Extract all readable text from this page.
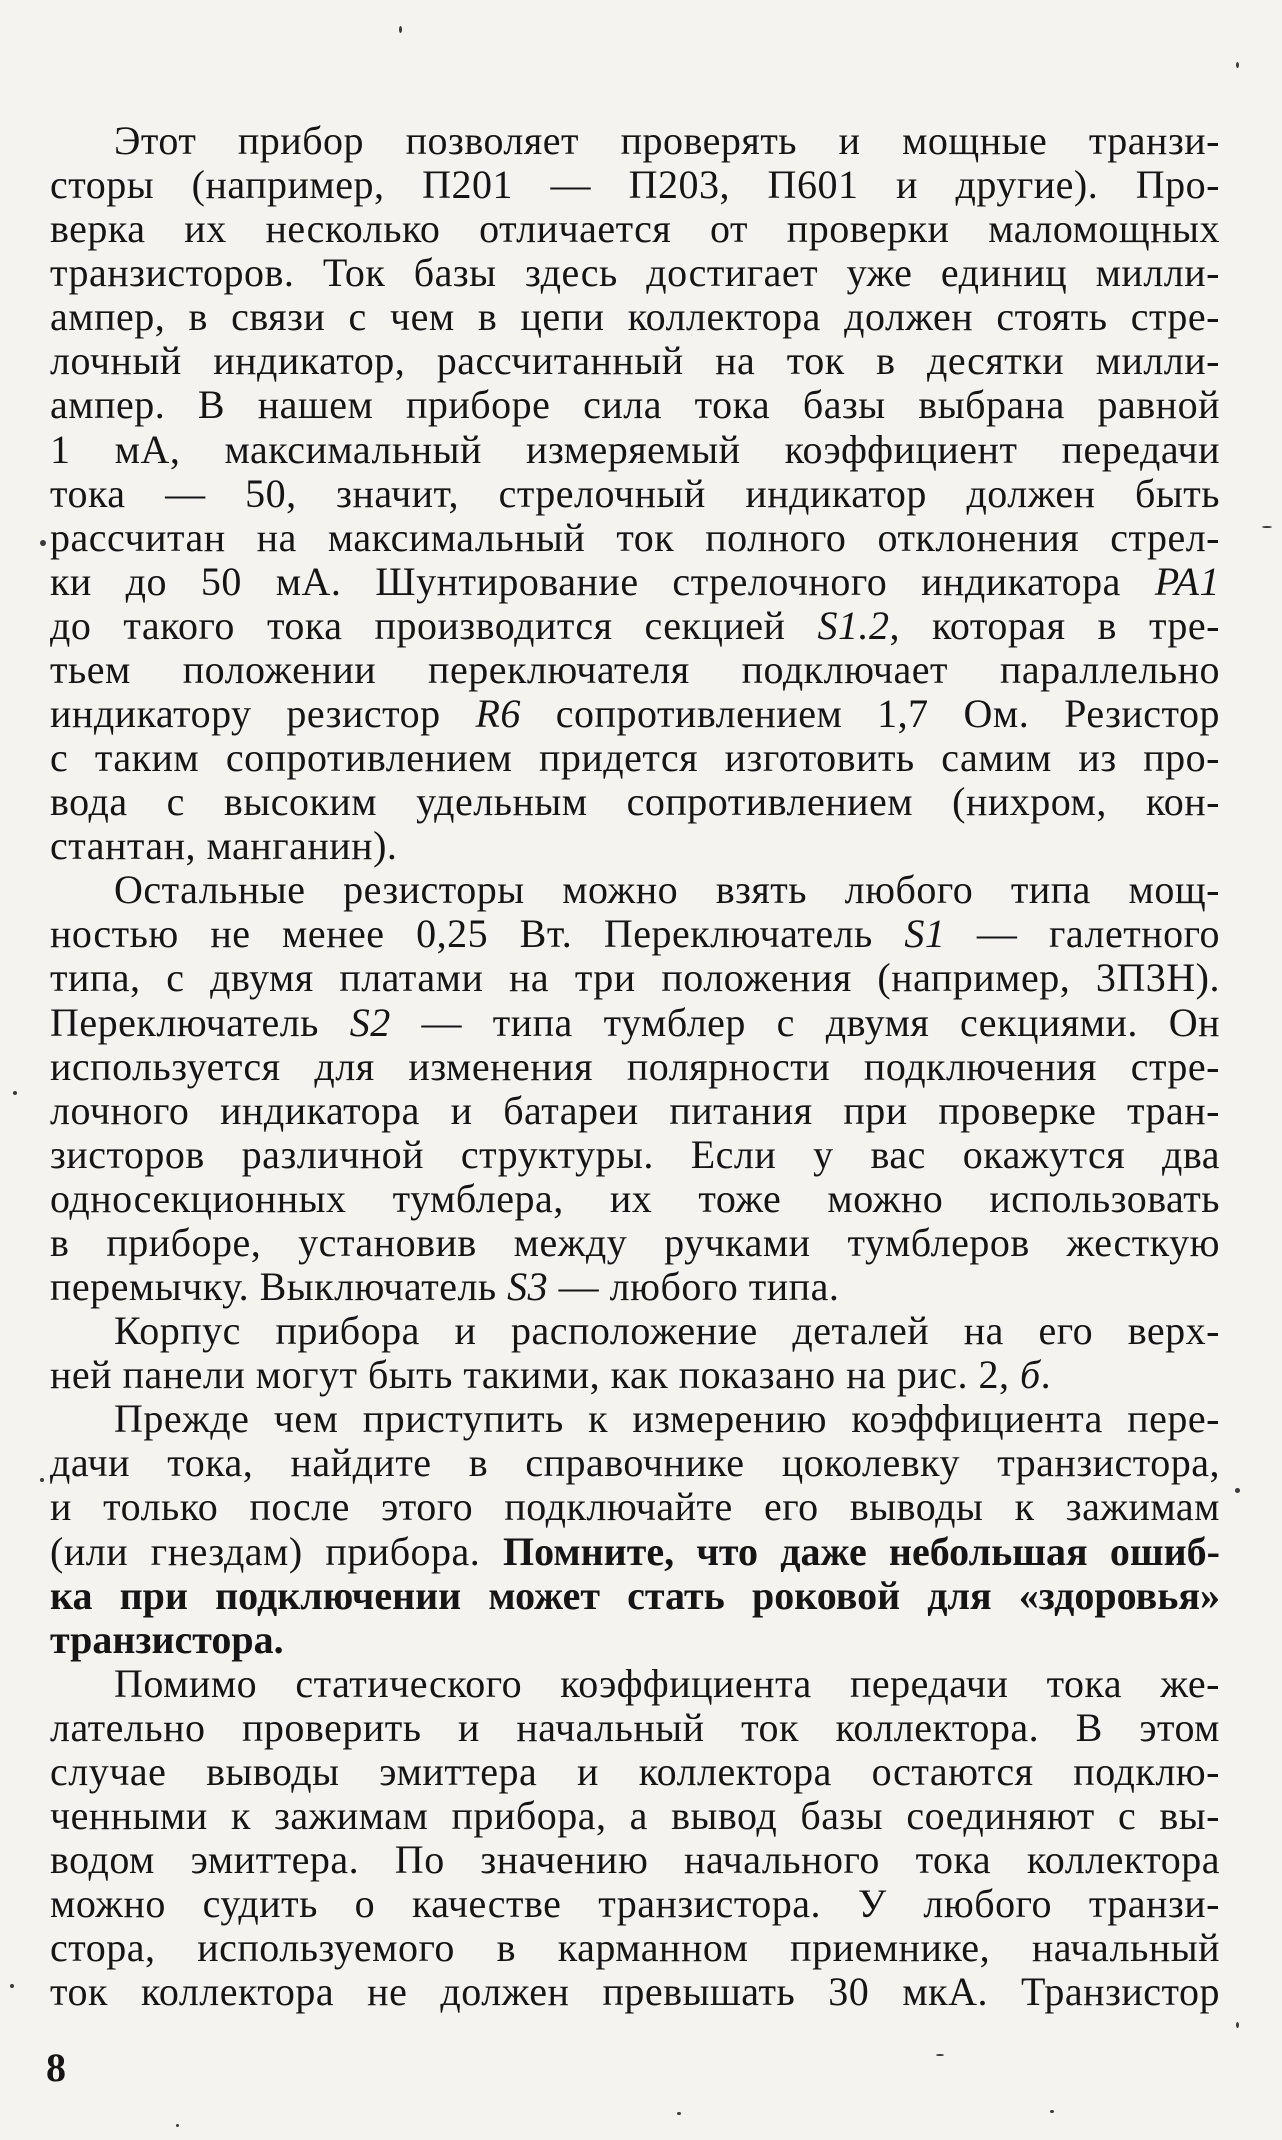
Этот прибор позволяет проверять и мощные транзи-
сторы (например, П201 — П203, П601 и другие). Про-
верка их несколько отличается от проверки маломощных
транзисторов. Ток базы здесь достигает уже единиц милли-
ампер, в связи с чем в цепи коллектора должен стоять стре-
лочный индикатор, рассчитанный на ток в десятки милли-
ампер. В нашем приборе сила тока базы выбрана равной
1 мА, максимальный измеряемый коэффициент передачи
тока — 50, значит, стрелочный индикатор должен быть
рассчитан на максимальный ток полного отклонения стрел-
ки до 50 мА. Шунтирование стрелочного индикатора PA1
до такого тока производится секцией S1.2, которая в тре-
тьем положении переключателя подключает параллельно
индикатору резистор R6 сопротивлением 1,7 Ом. Резистор
с таким сопротивлением придется изготовить самим из про-
вода с высоким удельным сопротивлением (нихром, кон-
стантан, манганин).
Остальные резисторы можно взять любого типа мощ-
ностью не менее 0,25 Вт. Переключатель S1 — галетного
типа, с двумя платами на три положения (например, 3П3Н).
Переключатель S2 — типа тумблер с двумя секциями. Он
используется для изменения полярности подключения стре-
лочного индикатора и батареи питания при проверке тран-
зисторов различной структуры. Если у вас окажутся два
односекционных тумблера, их тоже можно использовать
в приборе, установив между ручками тумблеров жесткую
перемычку. Выключатель S3 — любого типа.
Корпус прибора и расположение деталей на его верх-
ней панели могут быть такими, как показано на рис. 2, б.
Прежде чем приступить к измерению коэффициента пере-
дачи тока, найдите в справочнике цоколевку транзистора,
и только после этого подключайте его выводы к зажимам
(или гнездам) прибора. Помните, что даже небольшая ошиб-
ка при подключении может стать роковой для «здоровья»
транзистора.
Помимо статического коэффициента передачи тока же-
лательно проверить и начальный ток коллектора. В этом
случае выводы эмиттера и коллектора остаются подклю-
ченными к зажимам прибора, а вывод базы соединяют с вы-
водом эмиттера. По значению начального тока коллектора
можно судить о качестве транзистора. У любого транзи-
стора, используемого в карманном приемнике, начальный
ток коллектора не должен превышать 30 мкА. Транзистор
8
